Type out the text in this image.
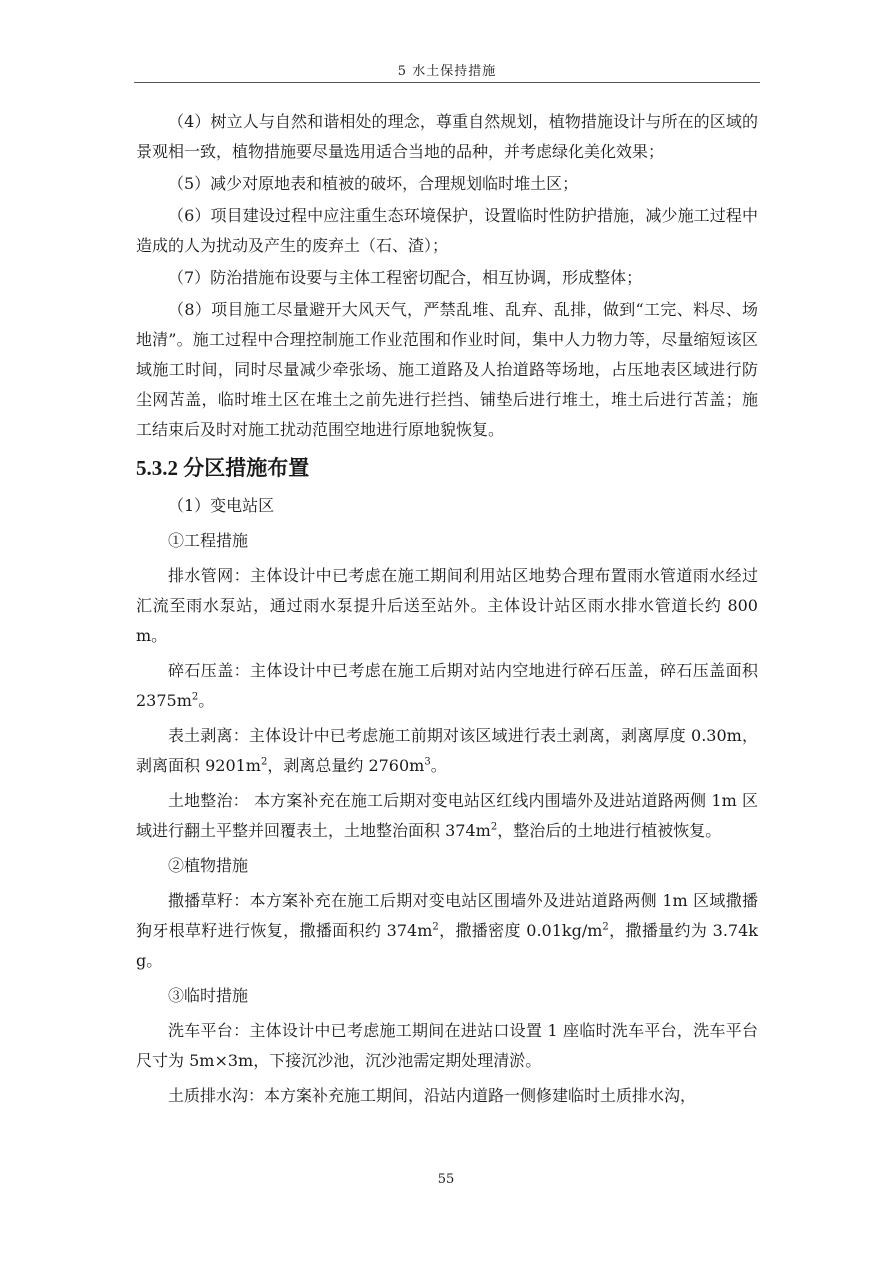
5 水土保持措施

（4）树立人与自然和谐相处的理念，尊重自然规划，植物措施设计与所在的区域的景观相一致，植物措施要尽量选用适合当地的品种，并考虑绿化美化效果；

（5）减少对原地表和植被的破坏，合理规划临时堆土区；

（6）项目建设过程中应注重生态环境保护，设置临时性防护措施，减少施工过程中造成的人为扰动及产生的废弃土（石、渣）；

（7）防治措施布设要与主体工程密切配合，相互协调，形成整体；

（8）项目施工尽量避开大风天气，严禁乱堆、乱弃、乱排，做到“工完、料尽、场地清”。施工过程中合理控制施工作业范围和作业时间，集中人力物力等，尽量缩短该区域施工时间，同时尽量减少牵张场、施工道路及人抬道路等场地，占压地表区域进行防尘网苫盖，临时堆土区在堆土之前先进行拦挡、铺垫后进行堆土，堆土后进行苫盖；施工结束后及时对施工扰动范围空地进行原地貌恢复。

5.3.2 分区措施布置

（1）变电站区

①工程措施

排水管网：主体设计中已考虑在施工期间利用站区地势合理布置雨水管道雨水经过汇流至雨水泵站，通过雨水泵提升后送至站外。主体设计站区雨水排水管道长约 800m。

碎石压盖：主体设计中已考虑在施工后期对站内空地进行碎石压盖，碎石压盖面积 $2375m^2$。

表土剥离：主体设计中已考虑施工前期对该区域进行表土剥离，剥离厚度 0.30m，剥离面积 $9201m^2$，剥离总量约 $2760m^3$。

土地整治： 本方案补充在施工后期对变电站区红线内围墙外及进站道路两侧 1m 区域进行翻土平整并回覆表土，土地整治面积 $374m^2$，整治后的土地进行植被恢复。

②植物措施

撒播草籽：本方案补充在施工后期对变电站区围墙外及进站道路两侧 1m 区域撒播狗牙根草籽进行恢复，撒播面积约 $374m^2$，撒播密度 $0.01kg/m^2$，撒播量约为 3.74kg。

③临时措施

洗车平台：主体设计中已考虑施工期间在进站口设置 1 座临时洗车平台，洗车平台尺寸为 5m×3m，下接沉沙池，沉沙池需定期处理清淤。

土质排水沟：本方案补充施工期间，沿站内道路一侧修建临时土质排水沟，

55
